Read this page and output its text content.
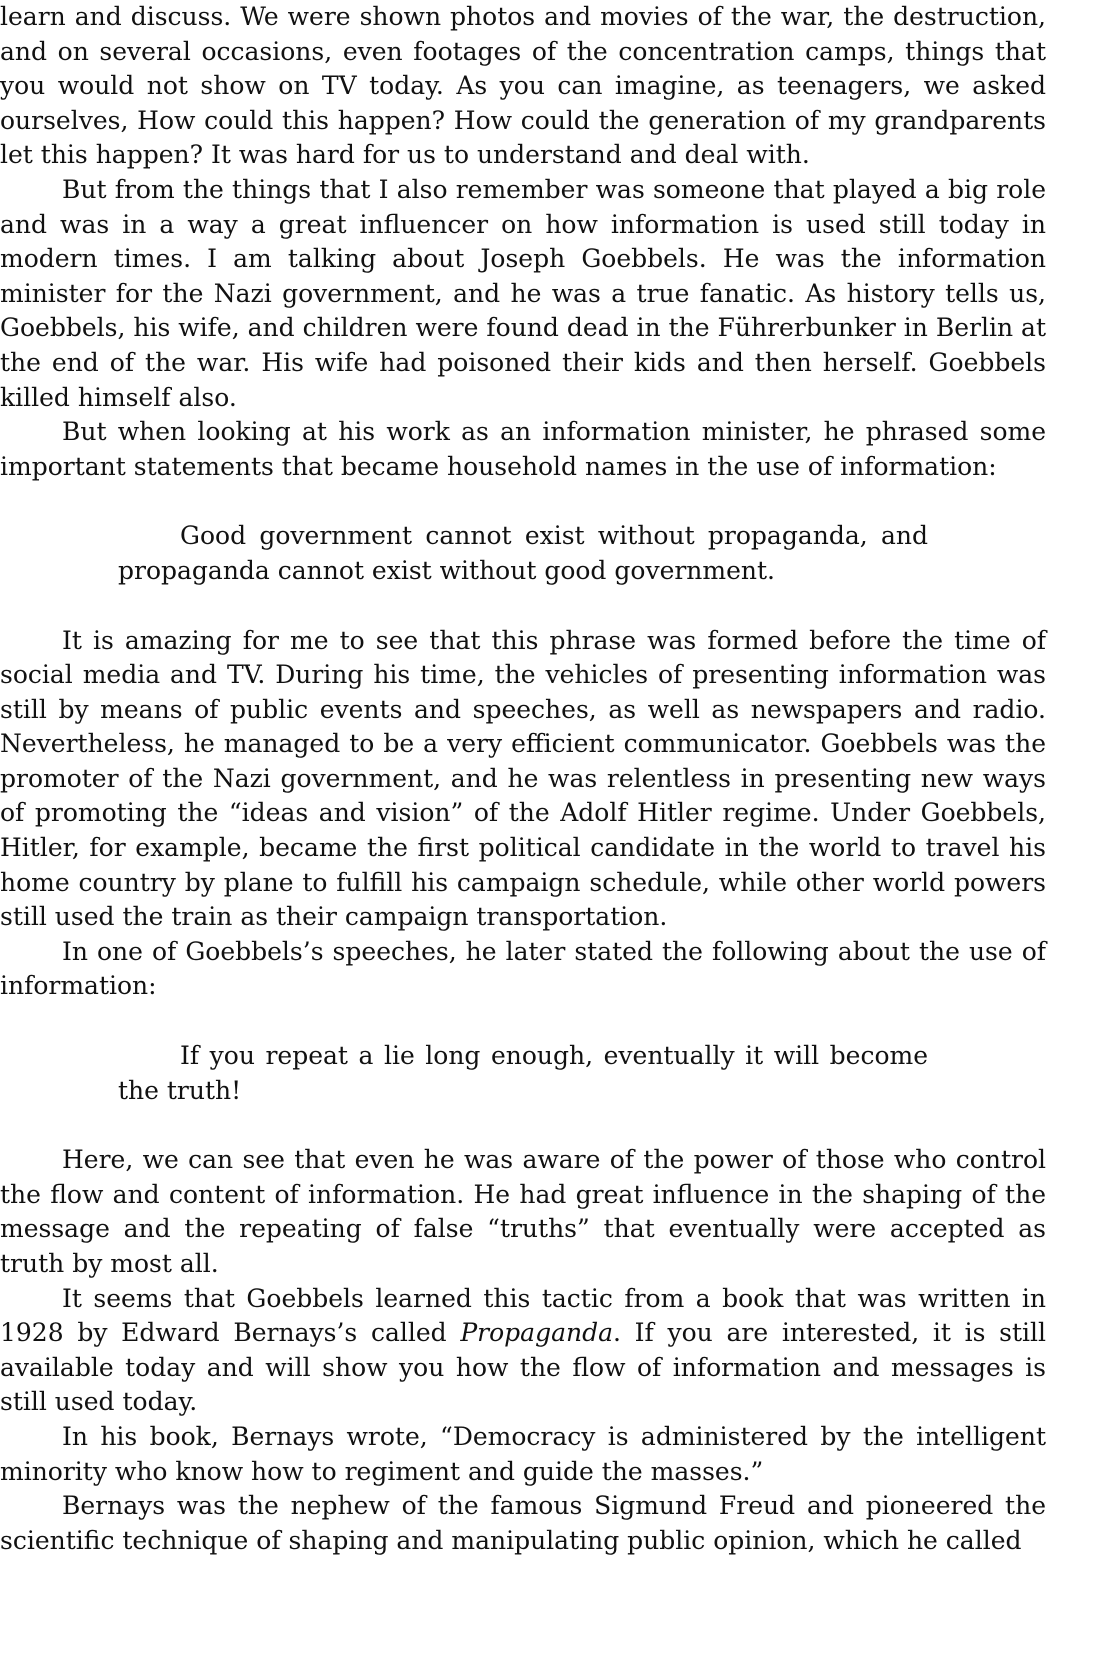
learn and discuss. We were shown photos and movies of the war, the destruction, and on several occasions, even footages of the concentration camps, things that you would not show on TV today. As you can imagine, as teenagers, we asked ourselves, How could this happen? How could the generation of my grandparents let this happen? It was hard for us to understand and deal with.

But from the things that I also remember was someone that played a big role and was in a way a great influencer on how information is used still today in modern times. I am talking about Joseph Goebbels. He was the information minister for the Nazi government, and he was a true fanatic. As history tells us, Goebbels, his wife, and children were found dead in the Führerbunker in Berlin at the end of the war. His wife had poisoned their kids and then herself. Goebbels killed himself also.

But when looking at his work as an information minister, he phrased some important statements that became household names in the use of information:

Good government cannot exist without propaganda, and propaganda cannot exist without good government.

It is amazing for me to see that this phrase was formed before the time of social media and TV. During his time, the vehicles of presenting information was still by means of public events and speeches, as well as newspapers and radio. Nevertheless, he managed to be a very efficient communicator. Goebbels was the promoter of the Nazi government, and he was relentless in presenting new ways of promoting the “ideas and vision” of the Adolf Hitler regime. Under Goebbels, Hitler, for example, became the first political candidate in the world to travel his home country by plane to fulfill his campaign schedule, while other world powers still used the train as their campaign transportation.

In one of Goebbels’s speeches, he later stated the following about the use of information:

If you repeat a lie long enough, eventually it will become the truth!

Here, we can see that even he was aware of the power of those who control the flow and content of information. He had great influence in the shaping of the message and the repeating of false “truths” that eventually were accepted as truth by most all.

It seems that Goebbels learned this tactic from a book that was written in 1928 by Edward Bernays’s called Propaganda. If you are interested, it is still available today and will show you how the flow of information and messages is still used today.

In his book, Bernays wrote, “Democracy is administered by the intelligent minority who know how to regiment and guide the masses.”

Bernays was the nephew of the famous Sigmund Freud and pioneered the scientific technique of shaping and manipulating public opinion, which he called
